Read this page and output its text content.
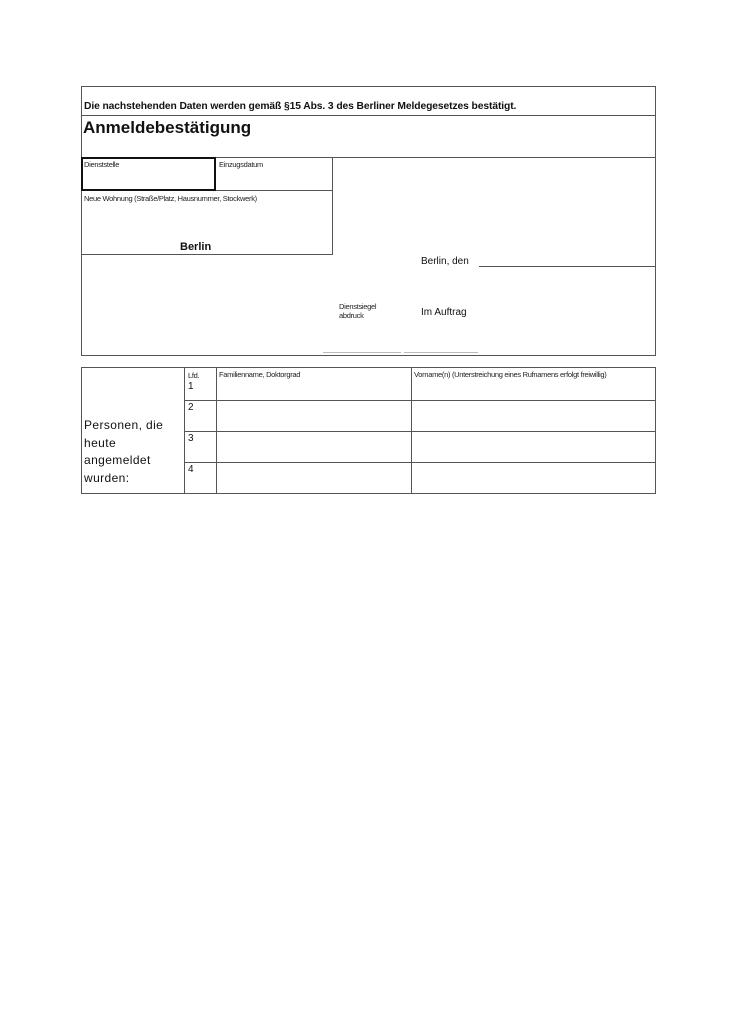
Die nachstehenden Daten werden gemäß §15 Abs. 3 des Berliner Meldegesetzes bestätigt.
Anmeldebestätigung
Dienststelle	Einzugsdatum
Neue Wohnung (Straße/Platz, Hausnummer, Stockwerk)
Berlin
Berlin, den
Dienstsiegel abdruck	Im Auftrag
Personen, die heute angemeldet wurden:
Lfd.	Familienname, Doktorgrad	Vorname(n) (Unterstreichung eines Rufnamens erfolgt freiwillig)
1
2
3
4
